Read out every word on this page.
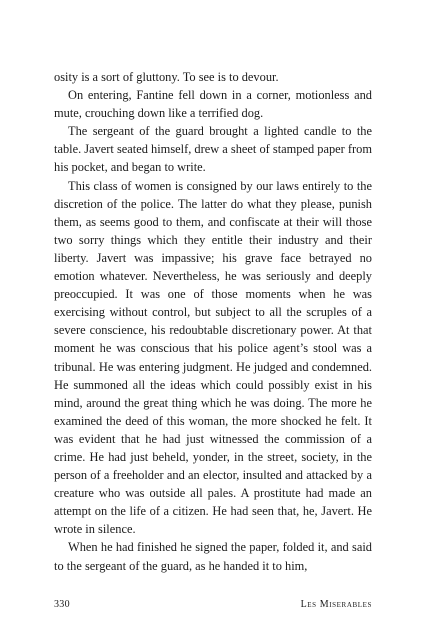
osity is a sort of gluttony. To see is to devour.

On entering, Fantine fell down in a corner, motionless and mute, crouching down like a terrified dog.

The sergeant of the guard brought a lighted candle to the table. Javert seated himself, drew a sheet of stamped paper from his pocket, and began to write.

This class of women is consigned by our laws entirely to the discretion of the police. The latter do what they please, punish them, as seems good to them, and confiscate at their will those two sorry things which they entitle their industry and their liberty. Javert was impassive; his grave face betrayed no emotion whatever. Nevertheless, he was seriously and deeply preoccupied. It was one of those moments when he was exercising without control, but subject to all the scruples of a severe conscience, his redoubtable discretionary power. At that moment he was conscious that his police agent’s stool was a tribunal. He was entering judgment. He judged and condemned. He summoned all the ideas which could possibly exist in his mind, around the great thing which he was doing. The more he examined the deed of this woman, the more shocked he felt. It was evident that he had just witnessed the commission of a crime. He had just beheld, yonder, in the street, society, in the person of a freeholder and an elector, insulted and attacked by a creature who was outside all pales. A prostitute had made an attempt on the life of a citizen. He had seen that, he, Javert. He wrote in silence.

When he had finished he signed the paper, folded it, and said to the sergeant of the guard, as he handed it to him,

330	Les Miserables
